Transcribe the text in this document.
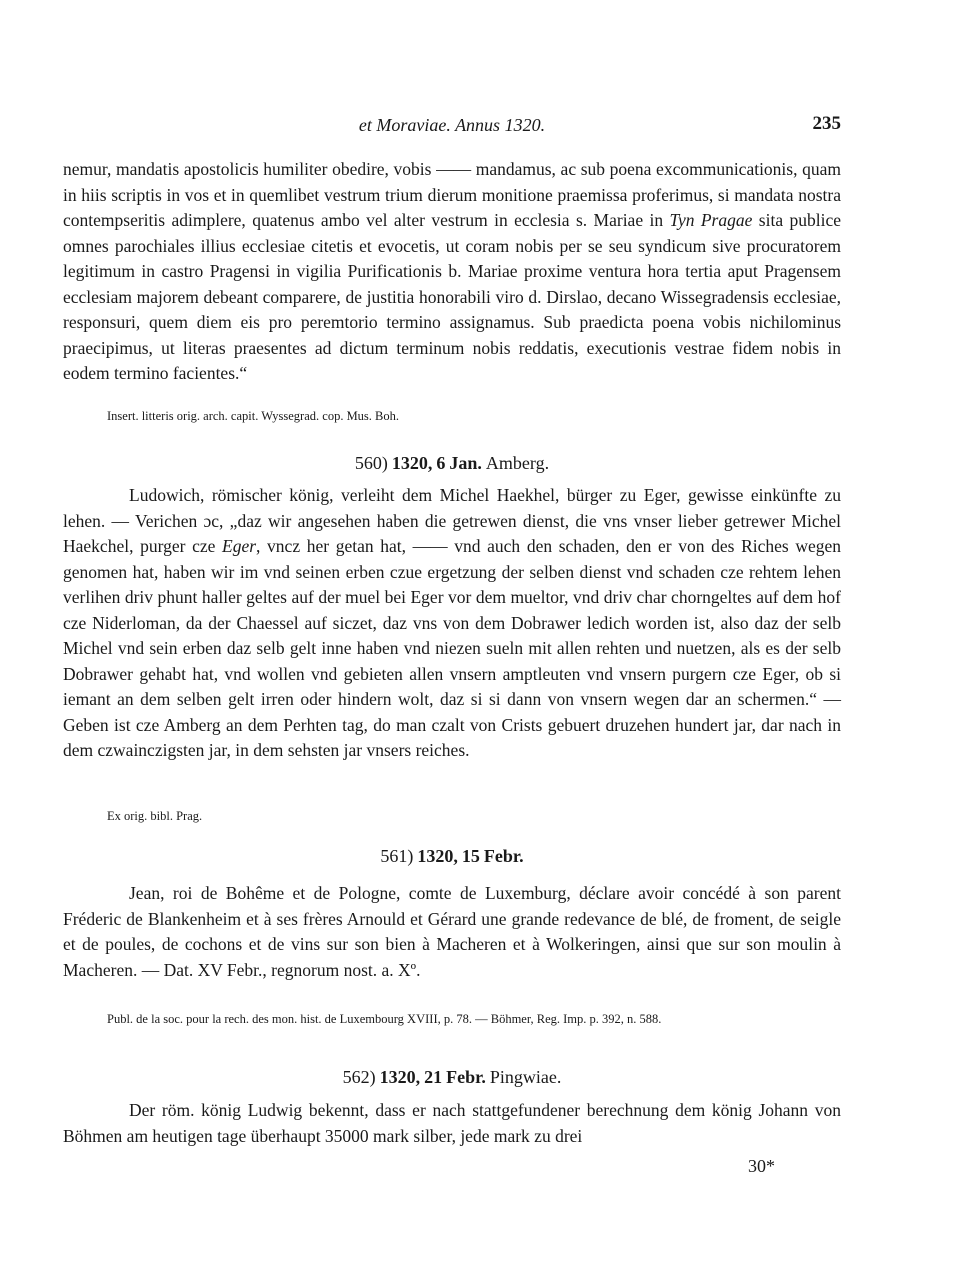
et Moraviae. Annus 1320.	235

nemur, mandatis apostolicis humiliter obedire, vobis —— mandamus, ac sub poena excommunicationis, quam in hiis scriptis in vos et in quemlibet vestrum trium dierum monitione praemissa proferimus, si mandata nostra contempseritis adimplere, quatenus ambo vel alter vestrum in ecclesia s. Mariae in Tyn Pragae sita publice omnes parochiales illius ecclesiae citetis et evocetis, ut coram nobis per se seu syndicum sive procuratorem legitimum in castro Pragensi in vigilia Purificationis b. Mariae proxime ventura hora tertia aput Pragensem ecclesiam majorem debeant comparere, de justitia honorabili viro d. Dirslao, decano Wissegradensis ecclesiae, responsuri, quem diem eis pro peremtorio termino assignamus. Sub praedicta poena vobis nichilominus praecipimus, ut literas praesentes ad dictum terminum nobis reddatis, executionis vestrae fidem nobis in eodem termino facientes.“

Insert. litteris orig. arch. capit. Wyssegrad. cop. Mus. Boh.
560) 1320, 6 Jan. Amberg.

Ludowich, römischer könig, verleiht dem Michel Haekhel, bürger zu Eger, gewisse einkünfte zu lehen. — Verichen ɔc, „daz wir angesehen haben die getrewen dienst, die vns vnser lieber getrewer Michel Haekchel, purger cze Eger, vncz her getan hat, —— vnd auch den schaden, den er von des Riches wegen genomen hat, haben wir im vnd seinen erben czue ergetzung der selben dienst vnd schaden cze rehtem lehen verlihen driv phunt haller geltes auf der muel bei Eger vor dem mueltor, vnd driv char chorngeltes auf dem hof cze Niderloman, da der Chaessel auf siczet, daz vns von dem Dobrawer ledich worden ist, also daz der selb Michel vnd sein erben daz selb gelt inne haben vnd niezen sueln mit allen rehten und nuetzen, als es der selb Dobrawer gehabt hat, vnd wollen vnd gebieten allen vnsern amptleuten vnd vnsern purgern cze Eger, ob si iemant an dem selben gelt irren oder hindern wolt, daz si si dann von vnsern wegen dar an schermen.“ — Geben ist cze Amberg an dem Perhten tag, do man czalt von Crists gebuert druzehen hundert jar, dar nach in dem czwainczigsten jar, in dem sehsten jar vnsers reiches.

Ex orig. bibl. Prag.
561) 1320, 15 Febr.

Jean, roi de Bohême et de Pologne, comte de Luxemburg, déclare avoir concédé à son parent Fréderic de Blankenheim et à ses frères Arnould et Gérard une grande redevance de blé, de froment, de seigle et de poules, de cochons et de vins sur son bien à Macheren et à Wolkeringen, ainsi que sur son moulin à Macheren. — Dat. XV Febr., regnorum nost. a. Xº.

Publ. de la soc. pour la rech. des mon. hist. de Luxembourg XVIII, p. 78. — Böhmer, Reg. Imp. p. 392, n. 588.
562) 1320, 21 Febr. Pingwiae.

Der röm. könig Ludwig bekennt, dass er nach stattgefundener berechnung dem könig Johann von Böhmen am heutigen tage überhaupt 35000 mark silber, jede mark zu drei

30*
